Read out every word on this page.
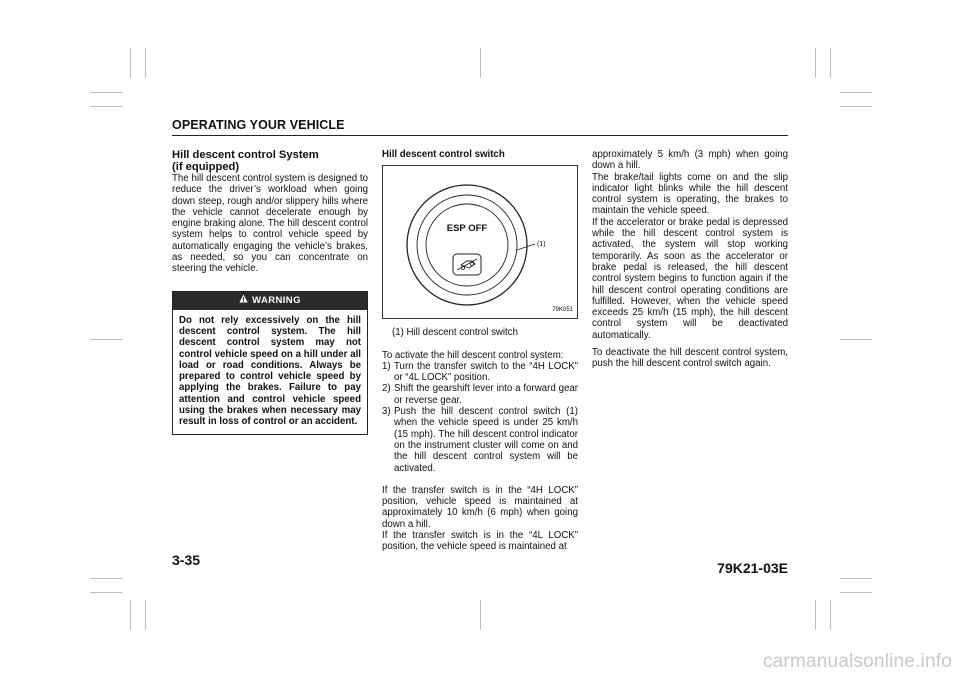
OPERATING YOUR VEHICLE
Hill descent control System
(if equipped)

The hill descent control system is designed to reduce the driver’s workload when going down steep, rough and/or slippery hills where the vehicle cannot decelerate enough by engine braking alone. The hill descent control system helps to control vehicle speed by automatically engaging the vehicle’s brakes, as needed, so you can concentrate on steering the vehicle.

WARNING
Do not rely excessively on the hill descent control system. The hill descent control system may not control vehicle speed on a hill under all load or road conditions. Always be prepared to control vehicle speed by applying the brakes. Failure to pay attention and control vehicle speed using the brakes when necessary may result in loss of control or an accident.
Hill descent control switch
ESP OFF
(1)
79K051
(1) Hill descent control switch

To activate the hill descent control system:

1) Turn the transfer switch to the “4H LOCK” or “4L LOCK” position.
2) Shift the gearshift lever into a forward gear or reverse gear.
3) Push the hill descent control switch (1) when the vehicle speed is under 25 km/h (15 mph). The hill descent control indicator on the instrument cluster will come on and the hill descent control system will be activated.

If the transfer switch is in the “4H LOCK” position, vehicle speed is maintained at approximately 10 km/h (6 mph) when going down a hill.

If the transfer switch is in the “4L LOCK” position, the vehicle speed is maintained at

approximately 5 km/h (3 mph) when going down a hill.

The brake/tail lights come on and the slip indicator light blinks while the hill descent control system is operating, the brakes to maintain the vehicle speed.

If the accelerator or brake pedal is depressed while the hill descent control system is activated, the system will stop working temporarily. As soon as the accelerator or brake pedal is released, the hill descent control system begins to function again if the hill descent control operating conditions are fulfilled. However, when the vehicle speed exceeds 25 km/h (15 mph), the hill descent control system will be deactivated automatically.

To deactivate the hill descent control system, push the hill descent control switch again.

3-35	79K21-03E
carmanualsonline.info
